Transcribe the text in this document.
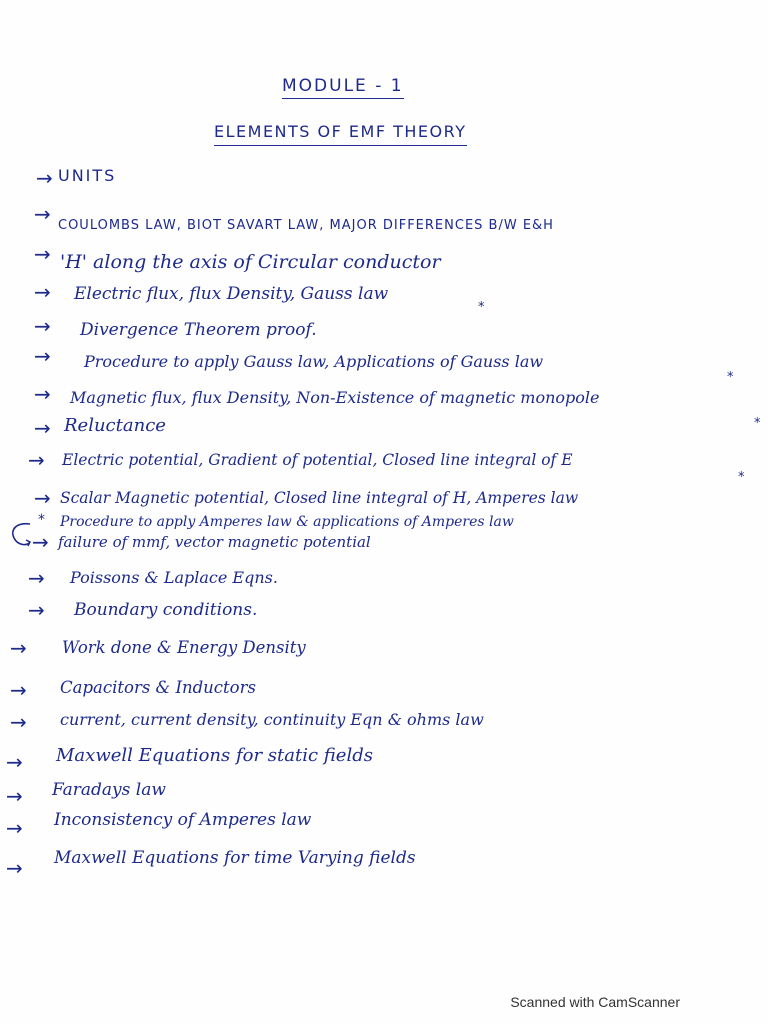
MODULE - 1
ELEMENTS OF EMF THEORY
→ UNITS
→ COULOMBS LAW, BIOT SAVART LAW, MAJOR DIFFERENCES B/W E&H
→ 'H' along the axis of Circular conductor
→ Electric flux, flux Density, Gauss law
*
→ Divergence Theorem proof.
→ Procedure to apply Gauss law, Applications of Gauss law
→ Magnetic flux, flux Density, Non-Existence of magnetic monopole
*
→ Reluctance
→ Electric potential, Gradient of potential, Closed line integral of E
*
→ Scalar Magnetic potential, Closed line integral of H, Amperes law
*
* Procedure to apply Amperes law & applications of Amperes law
→ failure of mmf, vector magnetic potential
→ Poissons & Laplace Eqns.
→ Boundary conditions.
→ Work done & Energy Density
→ Capacitors & Inductors
→ current, current density, continuity Eqn & ohms law
→ Maxwell Equations for static fields
→ Faradays law
→ Inconsistency of Amperes law
→ Maxwell Equations for time Varying fields
Scanned with CamScanner
